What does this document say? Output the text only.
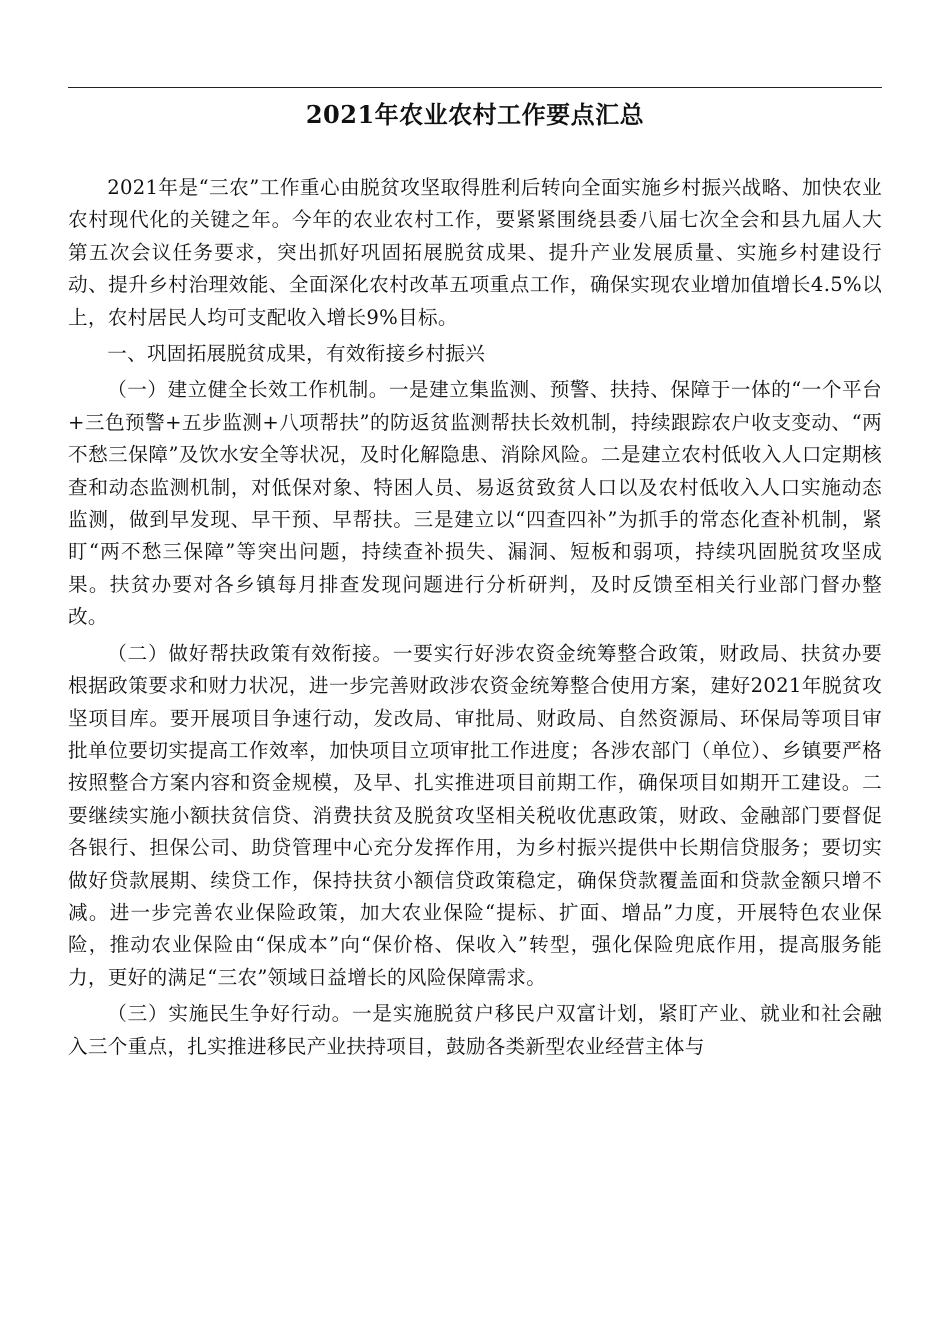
2021年农业农村工作要点汇总

2021年是“三农”工作重心由脱贫攻坚取得胜利后转向全面实施乡村振兴战略、加快农业农村现代化的关键之年。今年的农业农村工作，要紧紧围绕县委八届七次全会和县九届人大第五次会议任务要求，突出抓好巩固拓展脱贫成果、提升产业发展质量、实施乡村建设行动、提升乡村治理效能、全面深化农村改革五项重点工作，确保实现农业增加值增长4.5%以上，农村居民人均可支配收入增长9%目标。

一、巩固拓展脱贫成果，有效衔接乡村振兴

（一）建立健全长效工作机制。一是建立集监测、预警、扶持、保障于一体的“一个平台+三色预警+五步监测+八项帮扶”的防返贫监测帮扶长效机制，持续跟踪农户收支变动、“两不愁三保障”及饮水安全等状况，及时化解隐患、消除风险。二是建立农村低收入人口定期核查和动态监测机制，对低保对象、特困人员、易返贫致贫人口以及农村低收入人口实施动态监测，做到早发现、早干预、早帮扶。三是建立以“四查四补”为抓手的常态化查补机制，紧盯“两不愁三保障”等突出问题，持续查补损失、漏洞、短板和弱项，持续巩固脱贫攻坚成果。扶贫办要对各乡镇每月排查发现问题进行分析研判，及时反馈至相关行业部门督办整改。

（二）做好帮扶政策有效衔接。一要实行好涉农资金统筹整合政策，财政局、扶贫办要根据政策要求和财力状况，进一步完善财政涉农资金统筹整合使用方案，建好2021年脱贫攻坚项目库。要开展项目争速行动，发改局、审批局、财政局、自然资源局、环保局等项目审批单位要切实提高工作效率，加快项目立项审批工作进度；各涉农部门（单位）、乡镇要严格按照整合方案内容和资金规模，及早、扎实推进项目前期工作，确保项目如期开工建设。二要继续实施小额扶贫信贷、消费扶贫及脱贫攻坚相关税收优惠政策，财政、金融部门要督促各银行、担保公司、助贷管理中心充分发挥作用，为乡村振兴提供中长期信贷服务；要切实做好贷款展期、续贷工作，保持扶贫小额信贷政策稳定，确保贷款覆盖面和贷款金额只增不减。进一步完善农业保险政策，加大农业保险“提标、扩面、增品”力度，开展特色农业保险，推动农业保险由“保成本”向“保价格、保收入”转型，强化保险兜底作用，提高服务能力，更好的满足“三农”领域日益增长的风险保障需求。

（三）实施民生争好行动。一是实施脱贫户移民户双富计划，紧盯产业、就业和社会融入三个重点，扎实推进移民产业扶持项目，鼓励各类新型农业经营主体与
